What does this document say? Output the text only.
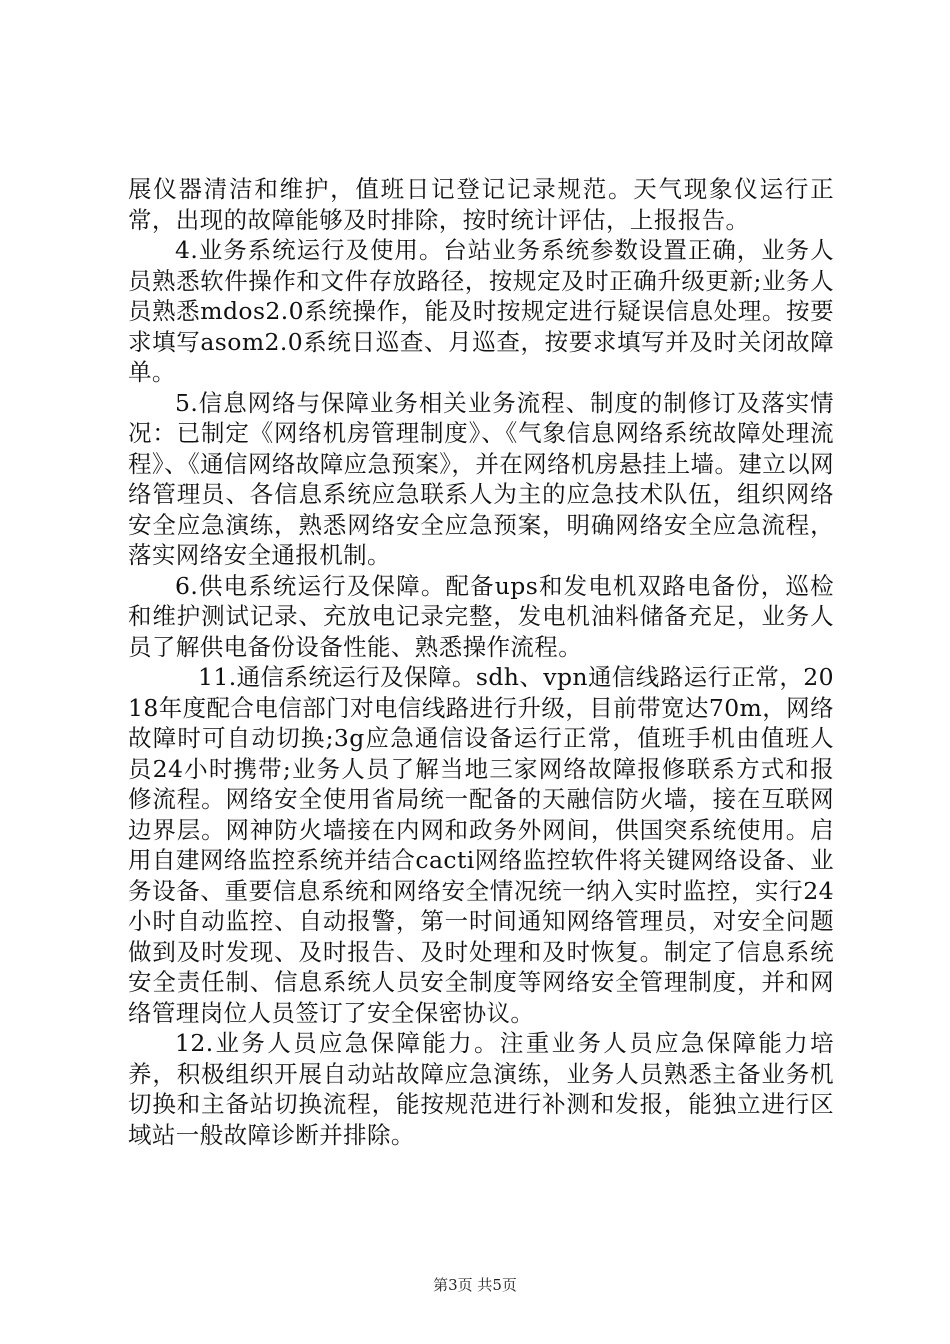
展仪器清洁和维护，值班日记登记记录规范。天气现象仪运行正常，出现的故障能够及时排除，按时统计评估，上报报告。

4.业务系统运行及使用。台站业务系统参数设置正确，业务人员熟悉软件操作和文件存放路径，按规定及时正确升级更新;业务人员熟悉mdos2.0系统操作，能及时按规定进行疑误信息处理。按要求填写asom2.0系统日巡查、月巡查，按要求填写并及时关闭故障单。

5.信息网络与保障业务相关业务流程、制度的制修订及落实情况：已制定《网络机房管理制度》、《气象信息网络系统故障处理流程》、《通信网络故障应急预案》，并在网络机房悬挂上墙。建立以网络管理员、各信息系统应急联系人为主的应急技术队伍，组织网络安全应急演练，熟悉网络安全应急预案，明确网络安全应急流程，落实网络安全通报机制。

6.供电系统运行及保障。配备ups和发电机双路电备份，巡检和维护测试记录、充放电记录完整，发电机油料储备充足，业务人员了解供电备份设备性能、熟悉操作流程。

11.通信系统运行及保障。sdh、vpn通信线路运行正常，2018年度配合电信部门对电信线路进行升级，目前带宽达70m，网络故障时可自动切换;3g应急通信设备运行正常，值班手机由值班人员24小时携带;业务人员了解当地三家网络故障报修联系方式和报修流程。网络安全使用省局统一配备的天融信防火墙，接在互联网边界层。网神防火墙接在内网和政务外网间，供国突系统使用。启用自建网络监控系统并结合cacti网络监控软件将关键网络设备、业务设备、重要信息系统和网络安全情况统一纳入实时监控，实行24小时自动监控、自动报警，第一时间通知网络管理员，对安全问题做到及时发现、及时报告、及时处理和及时恢复。制定了信息系统安全责任制、信息系统人员安全制度等网络安全管理制度，并和网络管理岗位人员签订了安全保密协议。

12.业务人员应急保障能力。注重业务人员应急保障能力培养，积极组织开展自动站故障应急演练，业务人员熟悉主备业务机切换和主备站切换流程，能按规范进行补测和发报，能独立进行区域站一般故障诊断并排除。

第3页 共5页
